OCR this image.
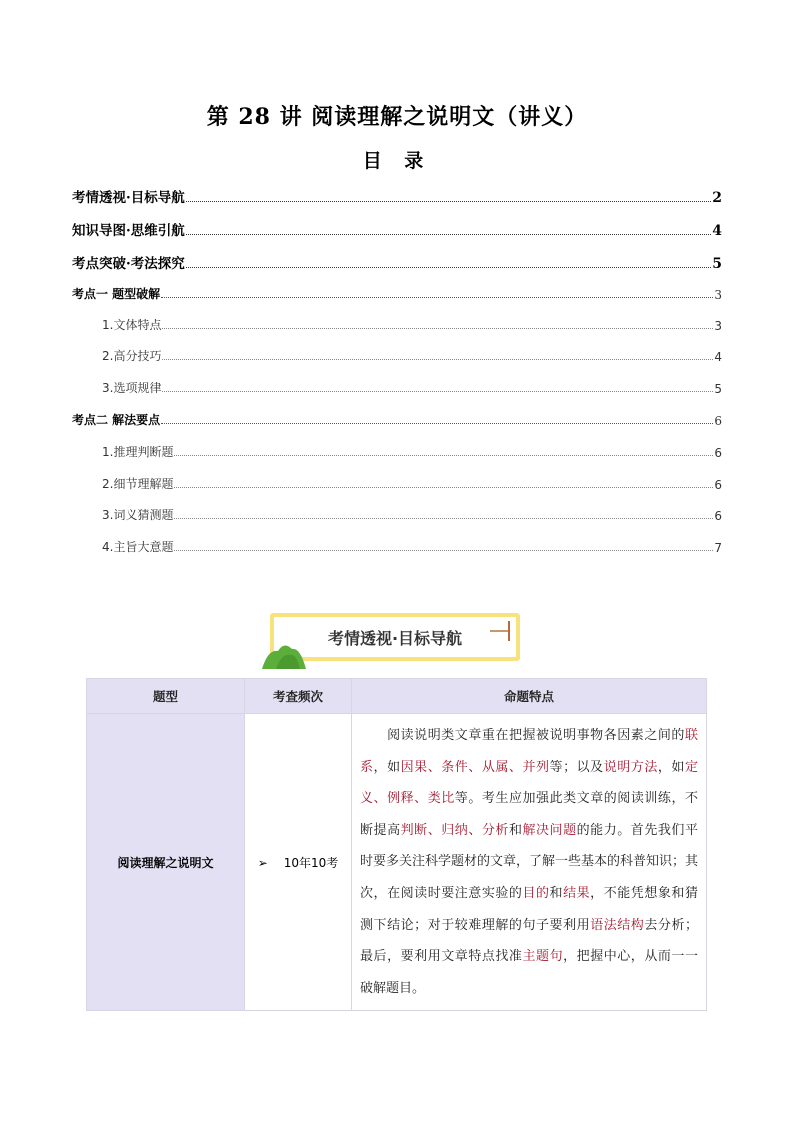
第 28 讲 阅读理解之说明文（讲义）
目 录
考情透视·目标导航	2
知识导图·思维引航	4
考点突破·考法探究	5
考点一 题型破解	3
1.文体特点	3
2.高分技巧	4
3.选项规律	5
考点二 解法要点	6
1.推理判断题	6
2.细节理解题	6
3.词义猜测题	6
4.主旨大意题	7
考情透视·目标导航
题型	考查频次	命题特点
阅读理解之说明文	➢ 10年10考	　　阅读说明类文章重在把握被说明事物各因素之间的联系，如因果、条件、从属、并列等；以及说明方法，如定义、例释、类比等。考生应加强此类文章的阅读训练，不断提高判断、归纳、分析和解决问题的能力。首先我们平时要多关注科学题材的文章，了解一些基本的科普知识；其次，在阅读时要注意实验的目的和结果，不能凭想象和猜测下结论；对于较难理解的句子要利用语法结构去分析；最后，要利用文章特点找准主题句，把握中心，从而一一破解题目。
